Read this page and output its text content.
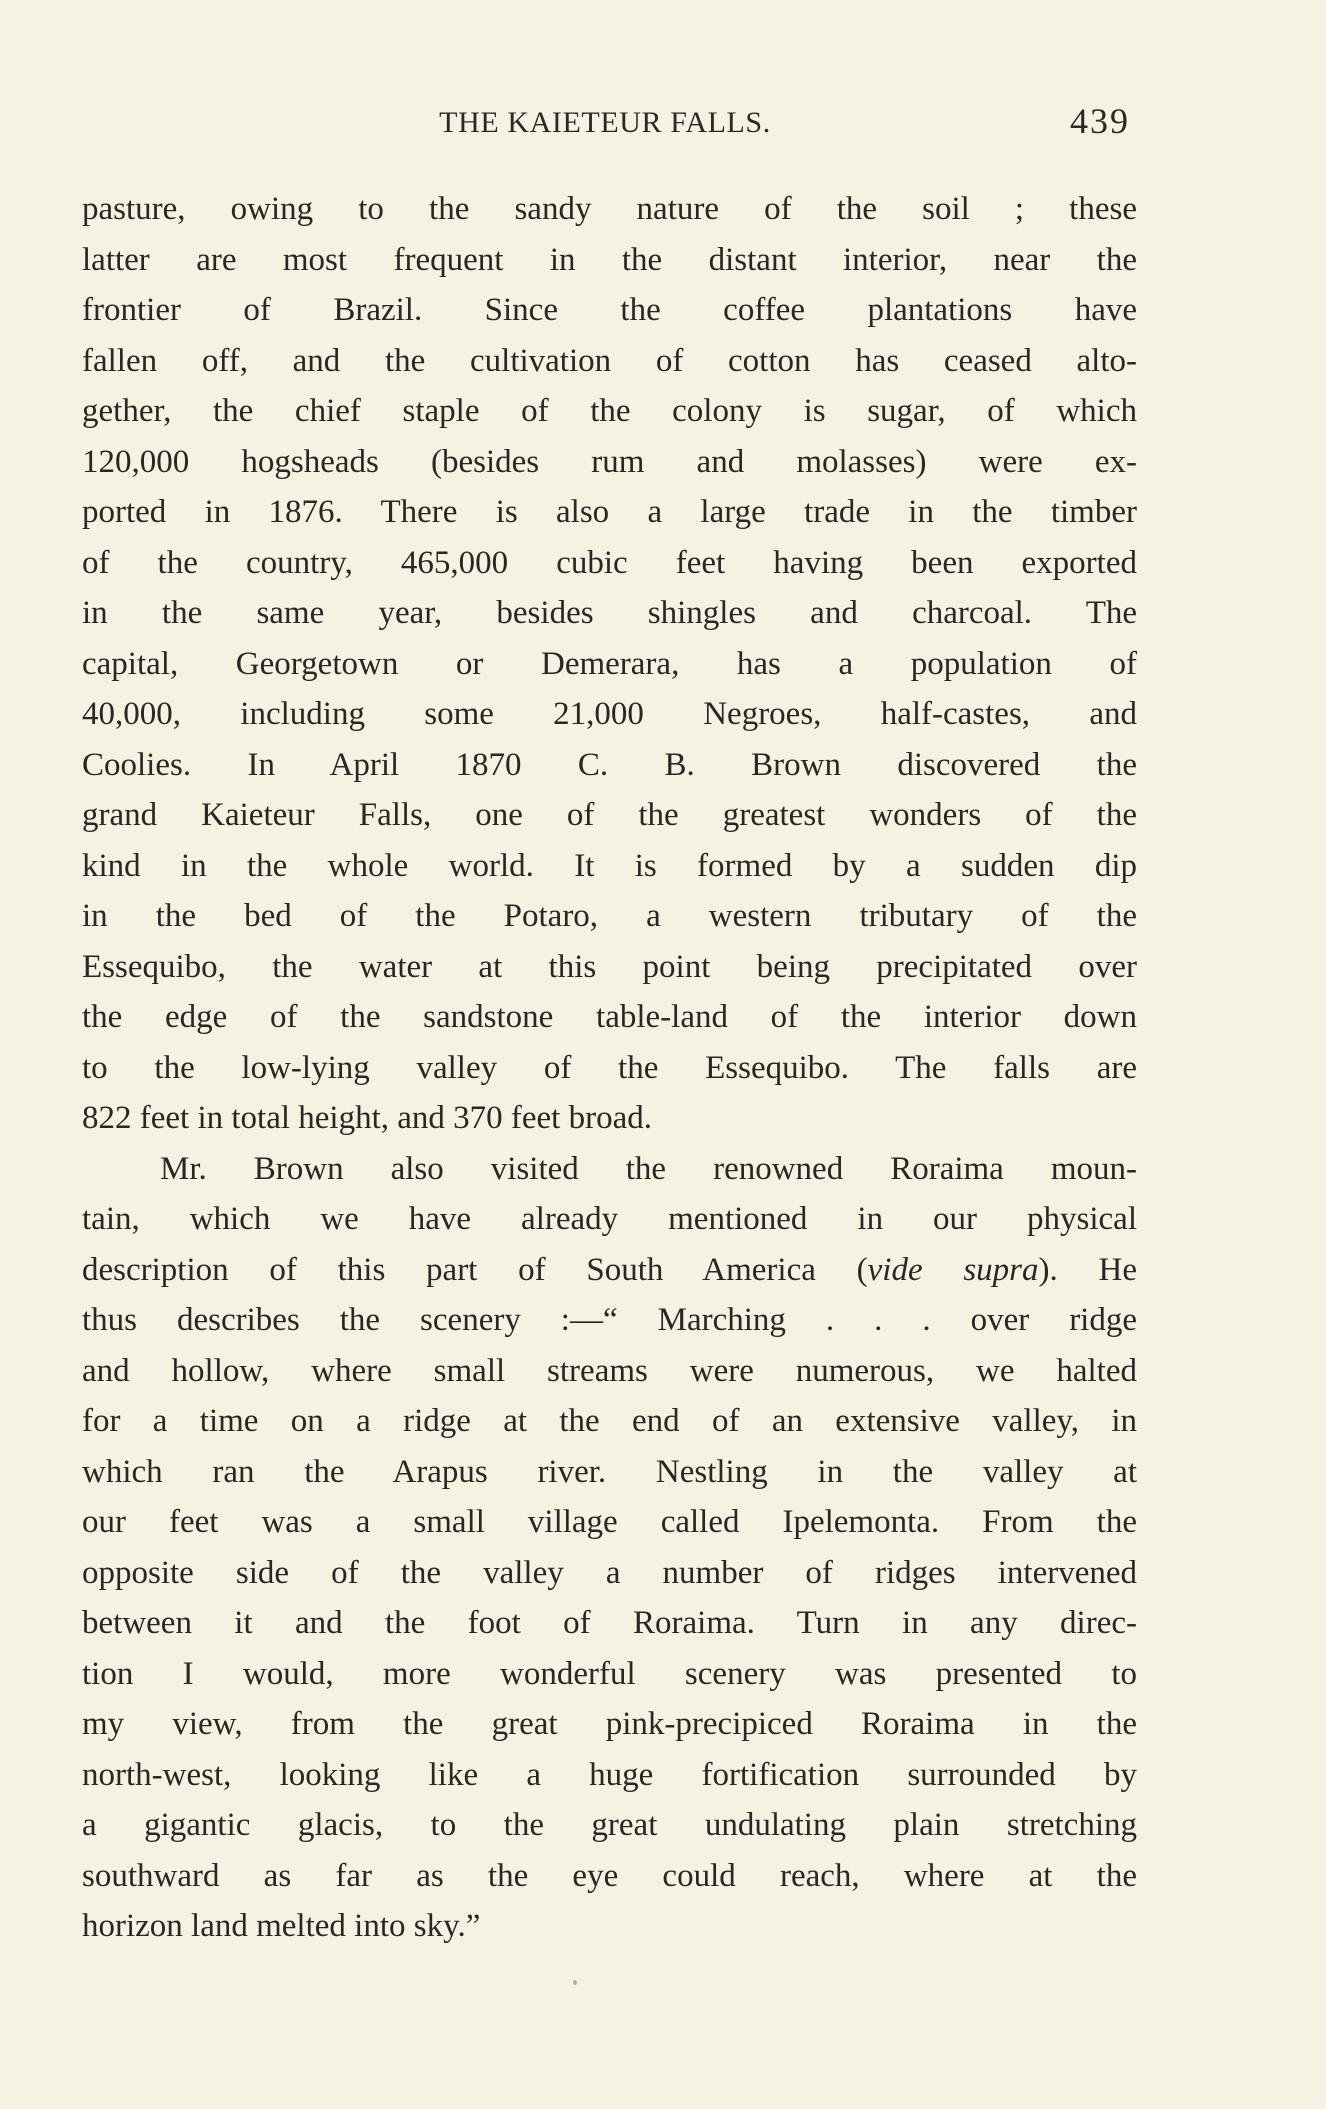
THE KAIETEUR FALLS.	439
pasture, owing to the sandy nature of the soil ; these
latter are most frequent in the distant interior, near the
frontier of Brazil. Since the coffee plantations have
fallen off, and the cultivation of cotton has ceased alto-
gether, the chief staple of the colony is sugar, of which
120,000 hogsheads (besides rum and molasses) were ex-
ported in 1876. There is also a large trade in the timber
of the country, 465,000 cubic feet having been exported
in the same year, besides shingles and charcoal. The
capital, Georgetown or Demerara, has a population of
40,000, including some 21,000 Negroes, half-castes, and
Coolies. In April 1870 C. B. Brown discovered the
grand Kaieteur Falls, one of the greatest wonders of the
kind in the whole world. It is formed by a sudden dip
in the bed of the Potaro, a western tributary of the
Essequibo, the water at this point being precipitated over
the edge of the sandstone table-land of the interior down
to the low-lying valley of the Essequibo. The falls are
822 feet in total height, and 370 feet broad.
Mr. Brown also visited the renowned Roraima moun-
tain, which we have already mentioned in our physical
description of this part of South America (vide supra). He
thus describes the scenery :—“ Marching . . . over ridge
and hollow, where small streams were numerous, we halted
for a time on a ridge at the end of an extensive valley, in
which ran the Arapus river. Nestling in the valley at
our feet was a small village called Ipelemonta. From the
opposite side of the valley a number of ridges intervened
between it and the foot of Roraima. Turn in any direc-
tion I would, more wonderful scenery was presented to
my view, from the great pink-precipiced Roraima in the
north-west, looking like a huge fortification surrounded by
a gigantic glacis, to the great undulating plain stretching
southward as far as the eye could reach, where at the
horizon land melted into sky.”
